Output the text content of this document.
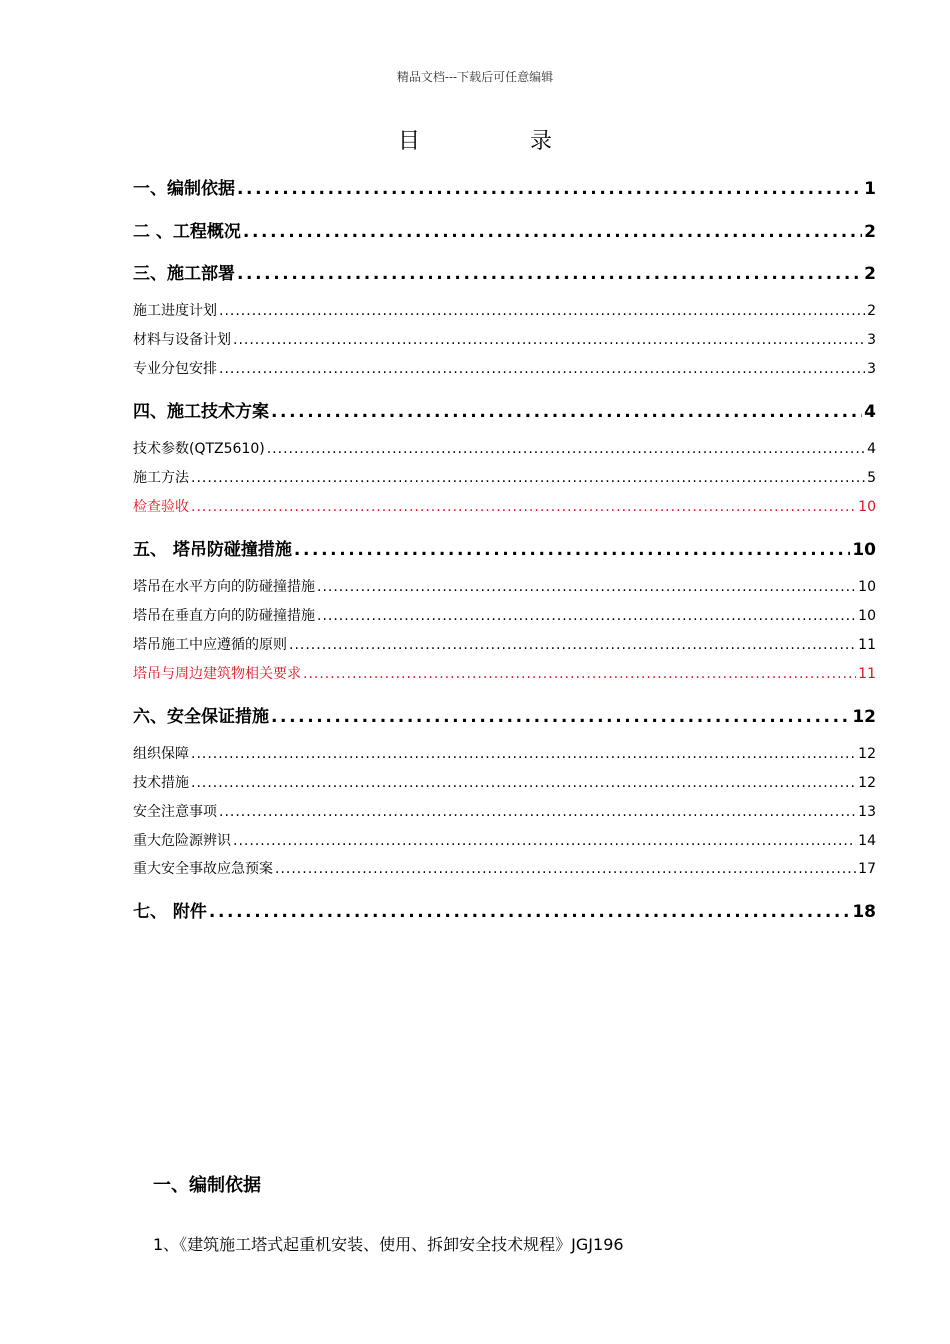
精品文档---下载后可任意编辑
目	录
一、编制依据 .....	1
二 、工程概况 .....	2
三、施工部署 .....	2
施工进度计划 .....	2
材料与设备计划 .....	3
专业分包安排 .....	3
四、施工技术方案 .....	4
技术参数(QTZ5610) .....	4
施工方法 .....	5
检查验收 .....	10
五、 塔吊防碰撞措施 .....	10
塔吊在水平方向的防碰撞措施 .....	10
塔吊在垂直方向的防碰撞措施 .....	10
塔吊施工中应遵循的原则 .....	11
塔吊与周边建筑物相关要求 .....	11
六、安全保证措施 .....	12
组织保障 .....	12
技术措施 .....	12
安全注意事项 .....	13
重大危险源辨识 .....	14
重大安全事故应急预案 .....	17
七、 附件 .....	18
一、编制依据
1、《建筑施工塔式起重机安装、使用、拆卸安全技术规程》JGJ196
